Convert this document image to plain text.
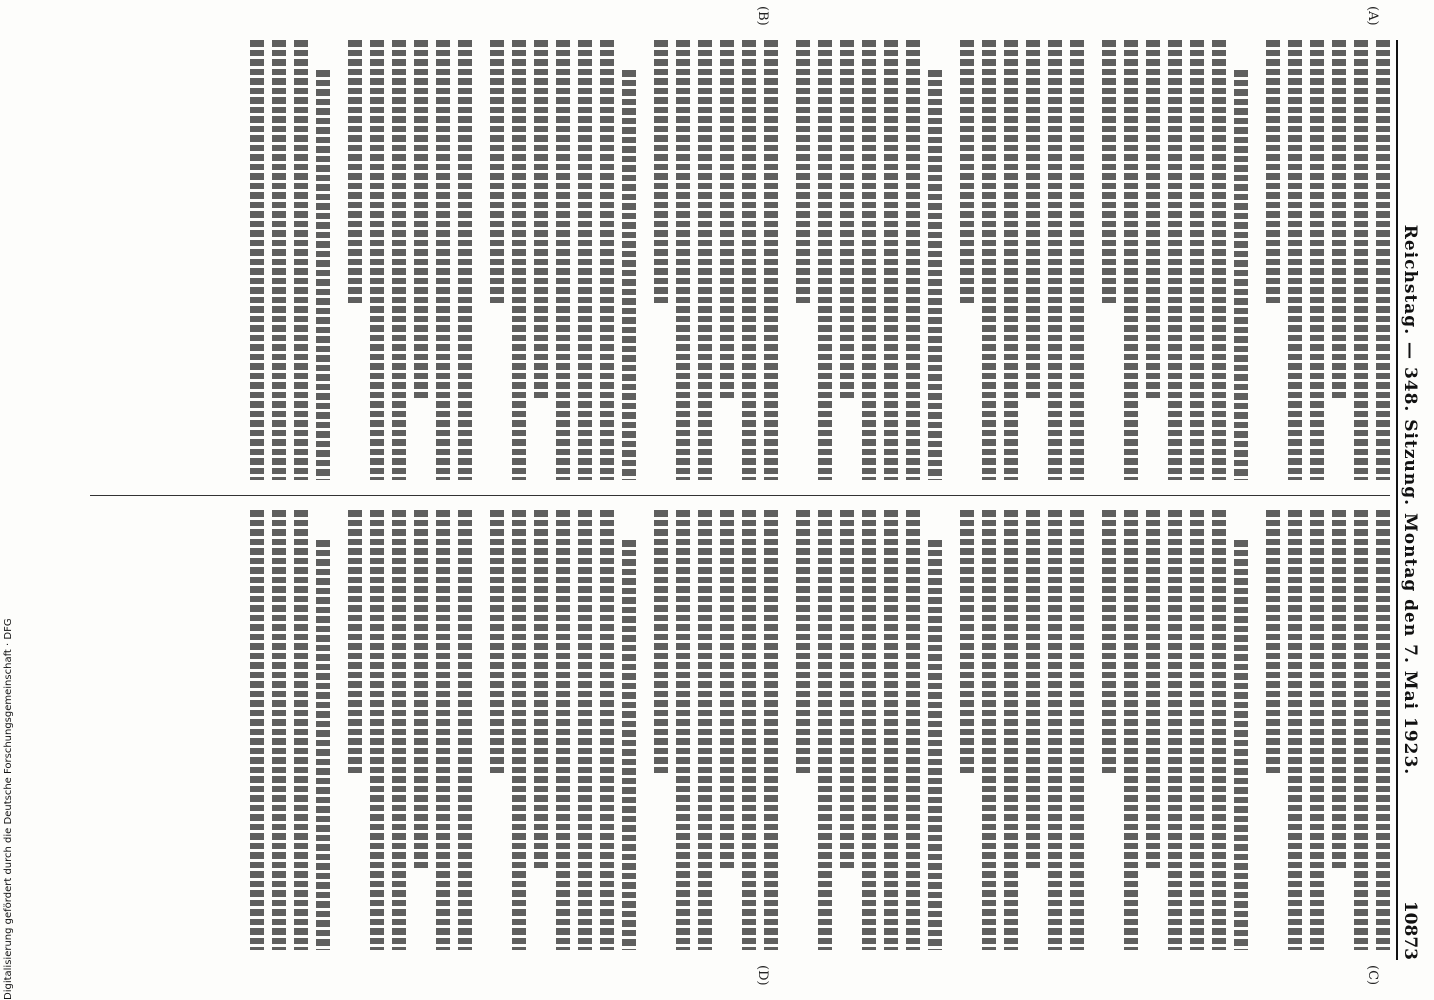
Reichstag. — 348. Sitzung. Montag den 7. Mai 1923.
10873
(A)
(B)
(C)
(D)
Digitalisierung gefördert durch die Deutsche Forschungsgemeinschaft · DFG
